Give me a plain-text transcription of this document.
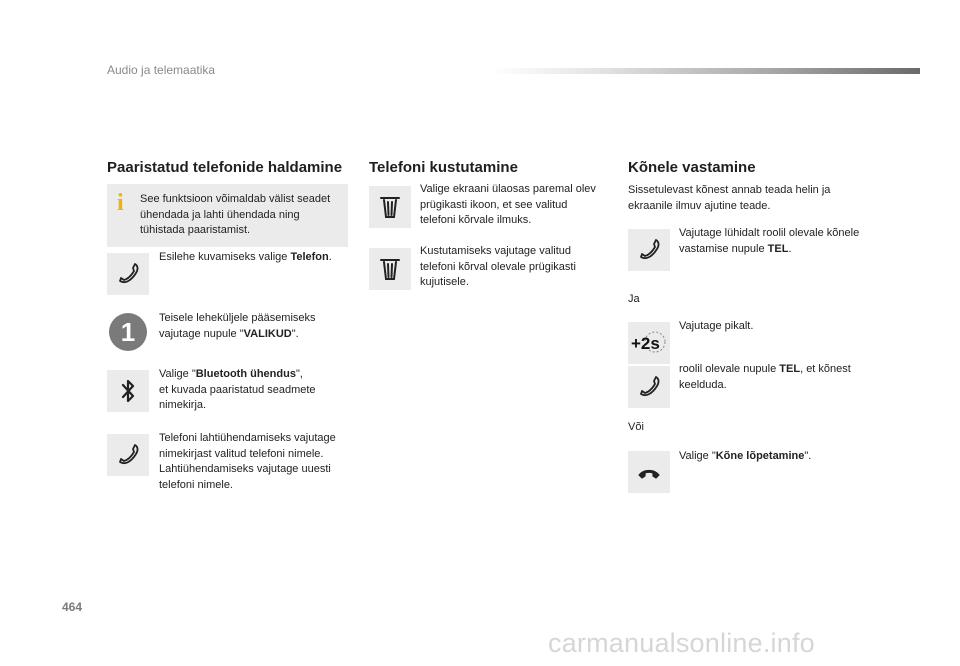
Audio ja telemaatika
Paaristatud telefonide haldamine
i See funktsioon võimaldab välist seadet ühendada ja lahti ühendada ning tühistada paaristamist.
Esilehe kuvamiseks valige Telefon.
1	Teisele leheküljele pääsemiseks vajutage nupule "VALIKUD".
Valige "Bluetooth ühendus",
et kuvada paaristatud seadmete nimekirja.
Telefoni lahtiühendamiseks vajutage nimekirjast valitud telefoni nimele. Lahtiühendamiseks vajutage uuesti telefoni nimele.
Telefoni kustutamine
Valige ekraani ülaosas paremal olev prügikasti ikoon, et see valitud telefoni kõrvale ilmuks.
Kustutamiseks vajutage valitud telefoni kõrval olevale prügikasti kujutisele.
Kõnele vastamine
Sissetulevast kõnest annab teada helin ja ekraanile ilmuv ajutine teade.
Vajutage lühidalt roolil olevale kõnele vastamise nupule TEL.
Ja
+2s
Vajutage pikalt.
roolil olevale nupule TEL, et kõnest keelduda.
Või
Valige "Kõne lõpetamine".
464
carmanualsonline.info
